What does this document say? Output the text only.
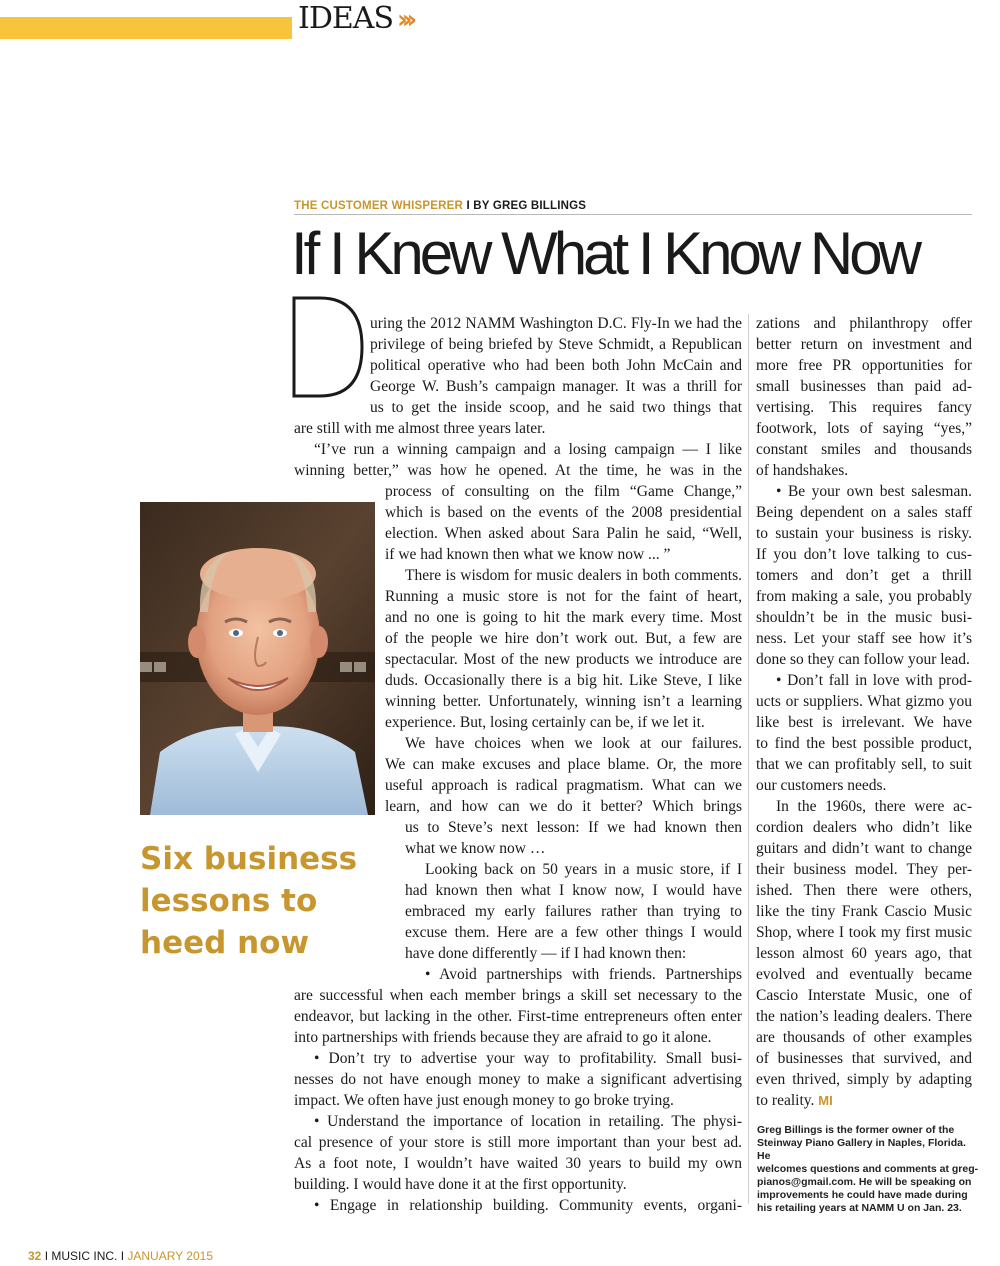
IDEAS ›››
THE CUSTOMER WHISPERER I BY GREG BILLINGS
If I Knew What I Know Now
Six business
lessons to
heed now
uring the 2012 NAMM Washington D.C. Fly-In we had the
privilege of being briefed by Steve Schmidt, a Republican
political operative who had been both John McCain and
George W. Bush’s campaign manager. It was a thrill for
us to get the inside scoop, and he said two things that
are still with me almost three years later.
“I’ve run a winning campaign and a losing campaign — I like
winning better,” was how he opened. At the time, he was in the
process of consulting on the film “Game Change,”
which is based on the events of the 2008 presidential
election. When asked about Sara Palin he said, “Well,
if we had known then what we know now ... ”
There is wisdom for music dealers in both comments.
Running a music store is not for the faint of heart,
and no one is going to hit the mark every time. Most
of the people we hire don’t work out. But, a few are
spectacular. Most of the new products we introduce are
duds. Occasionally there is a big hit. Like Steve, I like
winning better. Unfortunately, winning isn’t a learning
experience. But, losing certainly can be, if we let it.
We have choices when we look at our failures.
We can make excuses and place blame. Or, the more
useful approach is radical pragmatism. What can we
learn, and how can we do it better? Which brings
us to Steve’s next lesson: If we had known then
what we know now …
Looking back on 50 years in a music store, if I
had known then what I know now, I would have
embraced my early failures rather than trying to
excuse them. Here are a few other things I would
have done differently — if I had known then:
• Avoid partnerships with friends. Partnerships
are successful when each member brings a skill set necessary to the
endeavor, but lacking in the other. First-time entrepreneurs often enter
into partnerships with friends because they are afraid to go it alone.
• Don’t try to advertise your way to profitability. Small busi-
nesses do not have enough money to make a significant advertising
impact. We often have just enough money to go broke trying.
• Understand the importance of location in retailing. The physi-
cal presence of your store is still more important than your best ad.
As a foot note, I wouldn’t have waited 30 years to build my own
building. I would have done it at the first opportunity.
• Engage in relationship building. Community events, organi-
zations and philanthropy offer
better return on investment and
more free PR opportunities for
small businesses than paid ad-
vertising. This requires fancy
footwork, lots of saying “yes,”
constant smiles and thousands
of handshakes.
• Be your own best salesman.
Being dependent on a sales staff
to sustain your business is risky.
If you don’t love talking to cus-
tomers and don’t get a thrill
from making a sale, you probably
shouldn’t be in the music busi-
ness. Let your staff see how it’s
done so they can follow your lead.
• Don’t fall in love with prod-
ucts or suppliers. What gizmo you
like best is irrelevant. We have
to find the best possible product,
that we can profitably sell, to suit
our customers needs.
In the 1960s, there were ac-
cordion dealers who didn’t like
guitars and didn’t want to change
their business model. They per-
ished. Then there were others,
like the tiny Frank Cascio Music
Shop, where I took my first music
lesson almost 60 years ago, that
evolved and eventually became
Cascio Interstate Music, one of
the nation’s leading dealers. There
are thousands of other examples
of businesses that survived, and
even thrived, simply by adapting
to reality. MI
Greg Billings is the former owner of the
Steinway Piano Gallery in Naples, Florida. He
welcomes questions and comments at greg-
pianos@gmail.com. He will be speaking on
improvements he could have made during
his retailing years at NAMM U on Jan. 23.
32 I MUSIC INC. I JANUARY 2015
